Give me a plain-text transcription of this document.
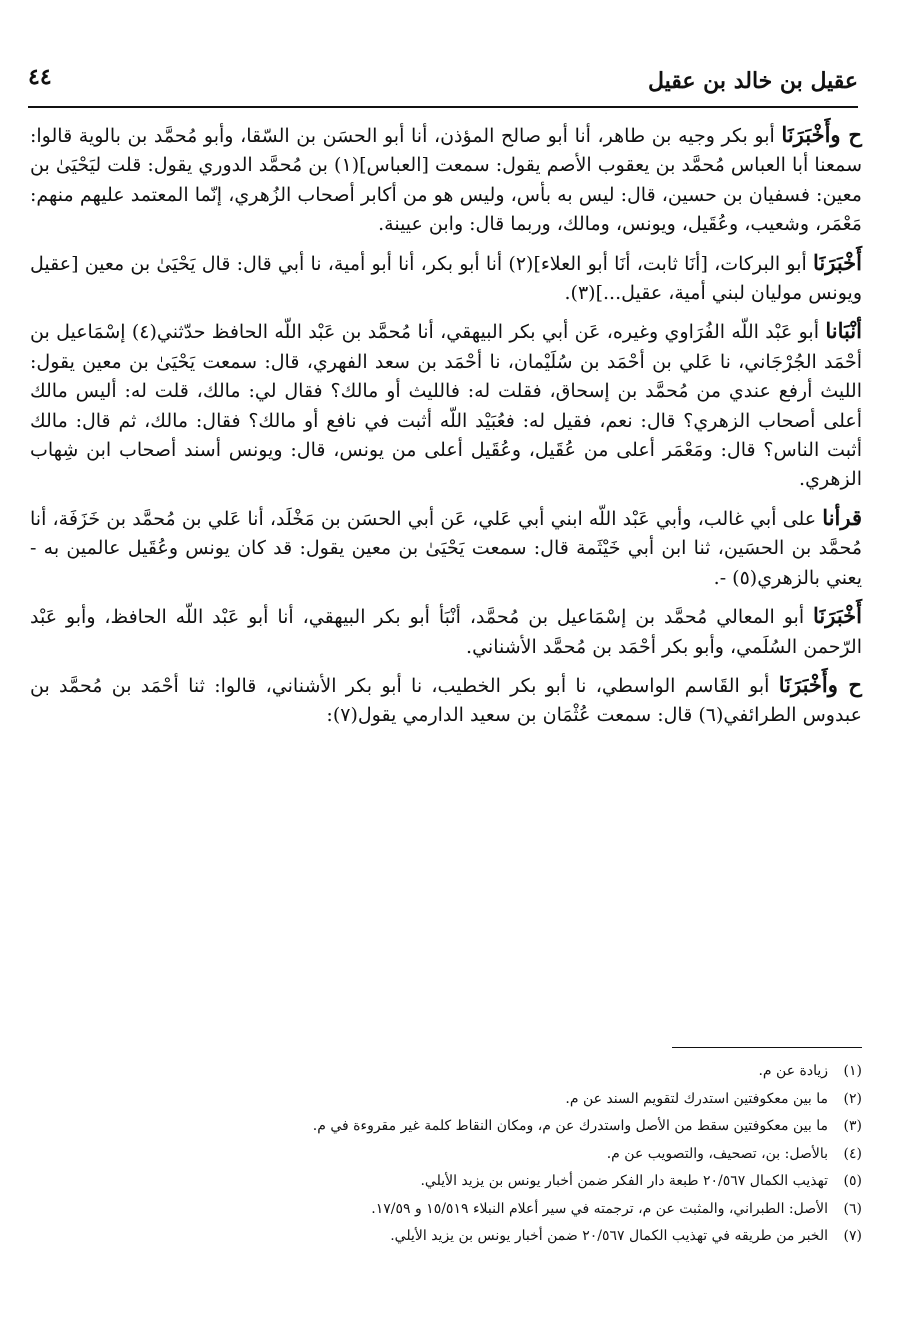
عقيل بن خالد بن عقيل
٤٤

ح وأَخْبَرَنَا أبو بكر وجيه بن طاهر، أنا أبو صالح المؤذن، أنا أبو الحسَن بن السّقا، وأبو مُحمَّد بن بالوية قالوا: سمعنا أبا العباس مُحمَّد بن يعقوب الأصم يقول: سمعت [العباس](١) بن مُحمَّد الدوري يقول: قلت ليَحْيَىٰ بن معين: فسفيان بن حسين، قال: ليس به بأس، وليس هو من أكابر أصحاب الزُهري، إنّما المعتمد عليهم منهم: مَعْمَر، وشعيب، وعُقَيل، ويونس، ومالك، وربما قال: وابن عيينة.

أَخْبَرَنَا أبو البركات، [أنَا ثابت، أنَا أبو العلاء](٢) أنا أبو بكر، أنا أبو أمية، نا أبي قال: قال يَحْيَىٰ بن معين [عقيل ويونس موليان لبني أمية، عقيل...](٣).

أنْبَانا أبو عَبْد اللّه الفُرَاوي وغيره، عَن أبي بكر البيهقي، أنا مُحمَّد بن عَبْد اللّه الحافظ حدّثني(٤) إسْمَاعيل بن أحْمَد الجُرْجَاني، نا عَلي بن أحْمَد بن سُلَيْمان، نا أحْمَد بن سعد الفهري، قال: سمعت يَحْيَىٰ بن معين يقول: الليث أرفع عندي من مُحمَّد بن إسحاق، فقلت له: فالليث أو مالك؟ فقال لي: مالك، قلت له: أليس مالك أعلى أصحاب الزهري؟ قال: نعم، فقيل له: فعُبَيْد اللّه أثبت في نافع أو مالك؟ فقال: مالك، ثم قال: مالك أثبت الناس؟ قال: ومَعْمَر أعلى من عُقَيل، وعُقَيل أعلى من يونس، قال: ويونس أسند أصحاب ابن شِهاب الزهري.

قرأنا على أبي غالب، وأبي عَبْد اللّه ابني أبي عَلي، عَن أبي الحسَن بن مَخْلَد، أنا عَلي بن مُحمَّد بن خَزَفَة، أنا مُحمَّد بن الحسَين، ثنا ابن أبي خَيْثَمة قال: سمعت يَحْيَىٰ بن معين يقول: قد كان يونس وعُقَيل عالمين به - يعني بالزهري(٥) -.

أَخْبَرَنَا أبو المعالي مُحمَّد بن إسْمَاعيل بن مُحمَّد، أنْبَأ أبو بكر البيهقي، أنا أبو عَبْد اللّه الحافظ، وأبو عَبْد الرّحمن السُلَمي، وأبو بكر أحْمَد بن مُحمَّد الأشناني.

ح وأَخْبَرَنَا أبو القَاسم الواسطي، نا أبو بكر الخطيب، نا أبو بكر الأشناني، قالوا: ثنا أحْمَد بن مُحمَّد بن عبدوس الطرائفي(٦) قال: سمعت عُثْمَان بن سعيد الدارمي يقول(٧):

(١)
زيادة عن م.
(٢)
ما بين معكوفتين استدرك لتقويم السند عن م.
(٣)
ما بين معكوفتين سقط من الأصل واستدرك عن م، ومكان النقاط كلمة غير مقروءة في م.
(٤)
بالأصل: بن، تصحيف، والتصويب عن م.
(٥)
تهذيب الكمال ٢٠/٥٦٧ طبعة دار الفكر ضمن أخبار يونس بن يزيد الأيلي.
(٦)
الأصل: الطبراني، والمثبت عن م، ترجمته في سير أعلام النبلاء ١٥/٥١٩ و ١٧/٥٩.
(٧)
الخبر من طريقه في تهذيب الكمال ٢٠/٥٦٧ ضمن أخبار يونس بن يزيد الأيلي.
